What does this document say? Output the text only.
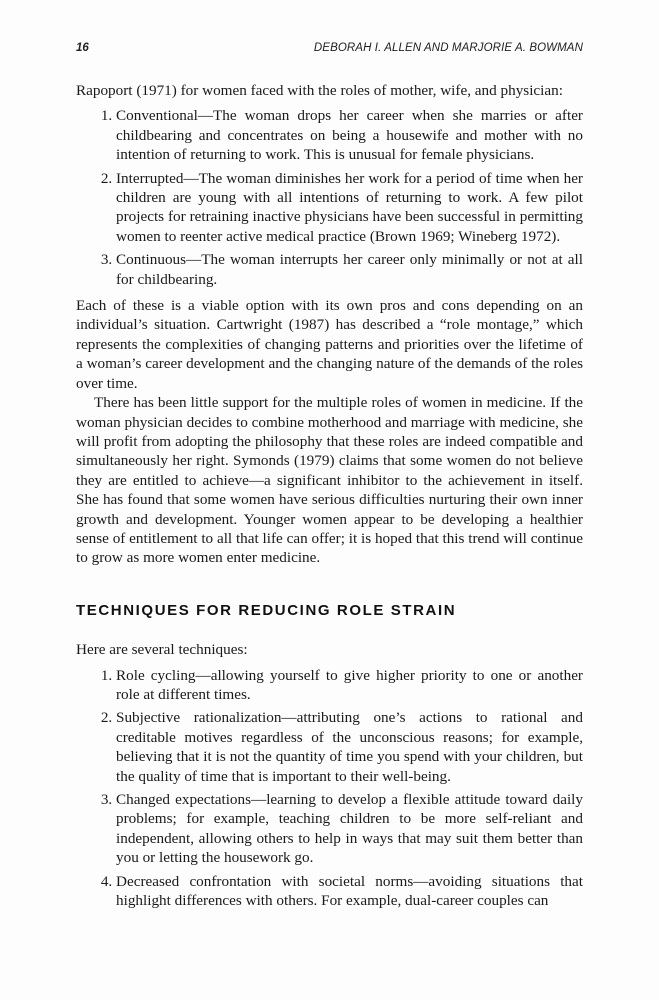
16	DEBORAH I. ALLEN AND MARJORIE A. BOWMAN

Rapoport (1971) for women faced with the roles of mother, wife, and physician:

1. Conventional—The woman drops her career when she marries or after childbearing and concentrates on being a housewife and mother with no intention of returning to work. This is unusual for female physicians.
2. Interrupted—The woman diminishes her work for a period of time when her children are young with all intentions of returning to work. A few pilot projects for retraining inactive physicians have been successful in permitting women to reenter active medical practice (Brown 1969; Wineberg 1972).
3. Continuous—The woman interrupts her career only minimally or not at all for childbearing.

Each of these is a viable option with its own pros and cons depending on an individual’s situation. Cartwright (1987) has described a “role montage,” which represents the complexities of changing patterns and priorities over the lifetime of a woman’s career development and the changing nature of the demands of the roles over time.

There has been little support for the multiple roles of women in medicine. If the woman physician decides to combine motherhood and marriage with medicine, she will profit from adopting the philosophy that these roles are indeed compatible and simultaneously her right. Symonds (1979) claims that some women do not believe they are entitled to achieve—a significant inhibitor to the achievement in itself. She has found that some women have serious difficulties nurturing their own inner growth and development. Younger women appear to be developing a healthier sense of entitlement to all that life can offer; it is hoped that this trend will continue to grow as more women enter medicine.

TECHNIQUES FOR REDUCING ROLE STRAIN

Here are several techniques:

1. Role cycling—allowing yourself to give higher priority to one or another role at different times.
2. Subjective rationalization—attributing one’s actions to rational and creditable motives regardless of the unconscious reasons; for example, believing that it is not the quantity of time you spend with your children, but the quality of time that is important to their well-being.
3. Changed expectations—learning to develop a flexible attitude toward daily problems; for example, teaching children to be more self-reliant and independent, allowing others to help in ways that may suit them better than you or letting the housework go.
4. Decreased confrontation with societal norms—avoiding situations that highlight differences with others. For example, dual-career couples can
